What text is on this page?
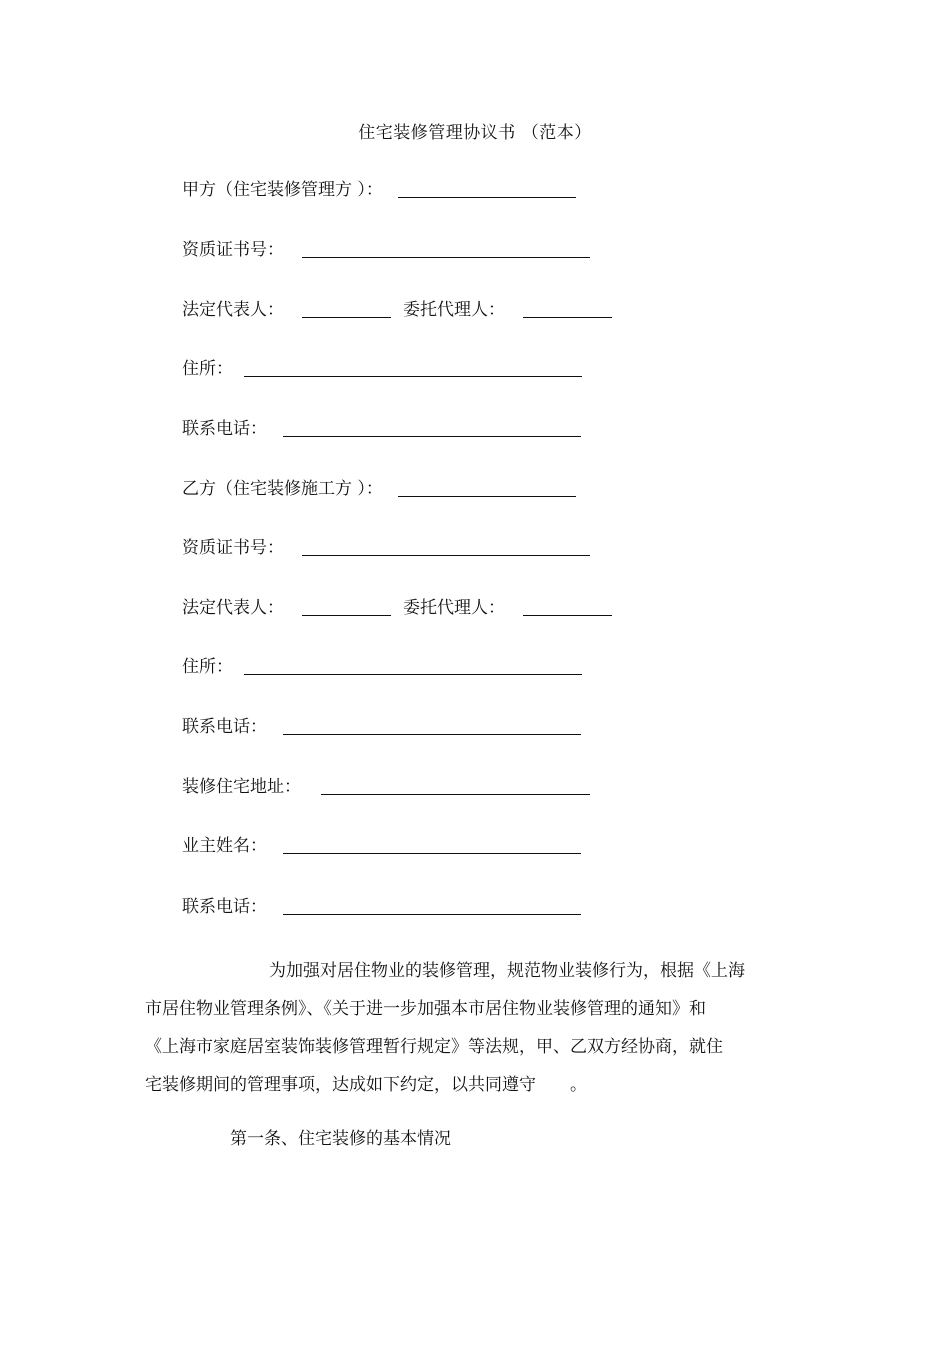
住宅装修管理协议书 （范本）
甲方（住宅装修管理方 ）：
资质证书号：
法定代表人：	委托代理人：
住所：
联系电话：
乙方（住宅装修施工方 ）：
资质证书号：
法定代表人：	委托代理人：
住所：
联系电话：
装修住宅地址：
业主姓名：
联系电话：
为加强对居住物业的装修管理，规范物业装修行为，根据《上海
市居住物业管理条例》、《关于进一步加强本市居住物业装修管理的通知》和
《上海市家庭居室装饰装修管理暂行规定》等法规，甲、乙双方经协商，就住
宅装修期间的管理事项，达成如下约定，以共同遵守　　。
第一条、住宅装修的基本情况
